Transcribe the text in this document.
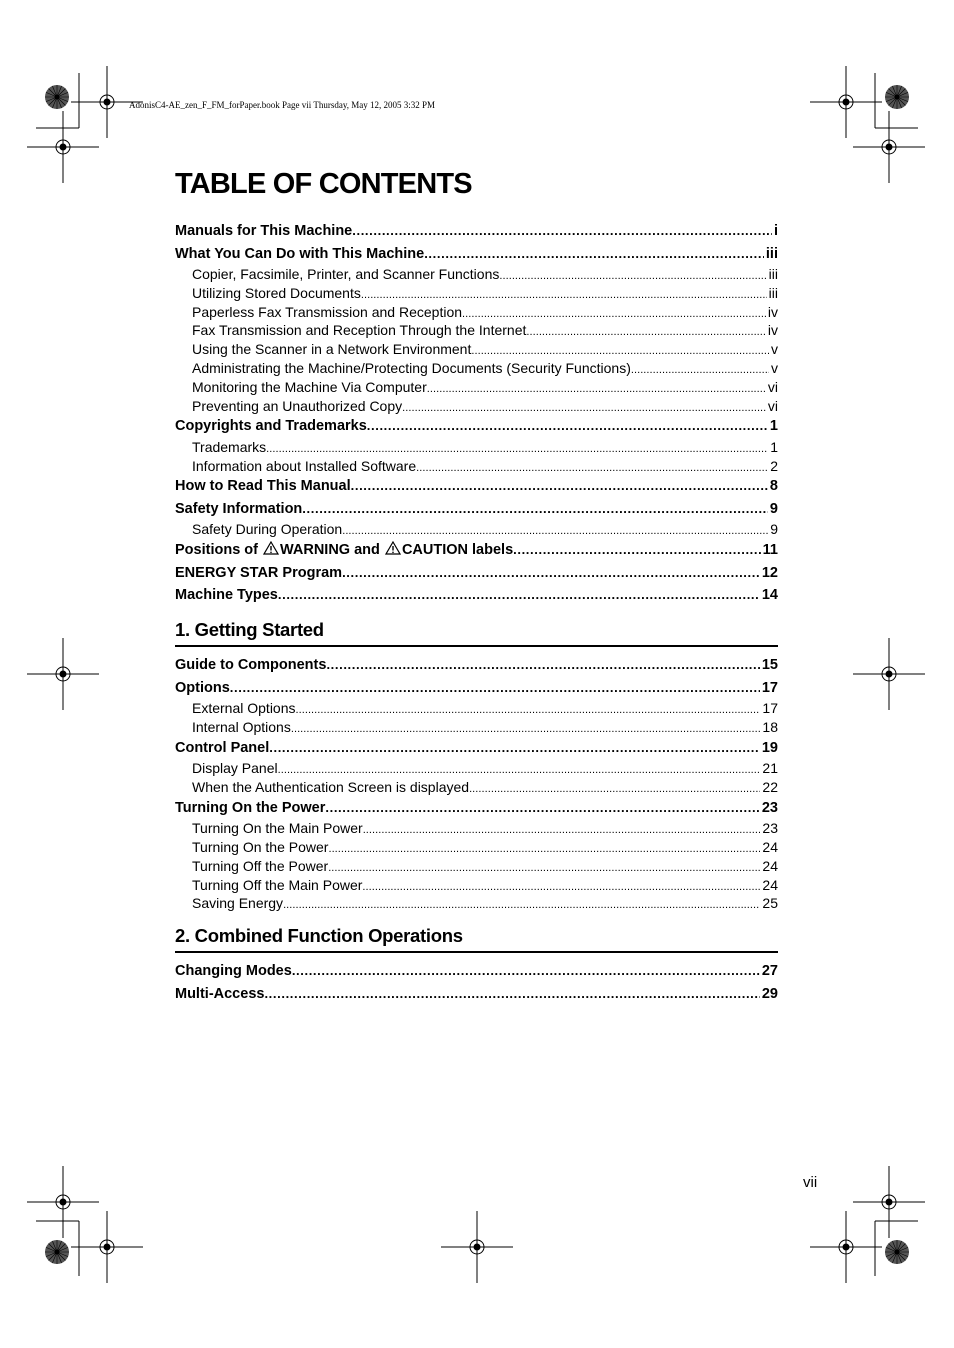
AdonisC4-AE_zen_F_FM_forPaper.book Page vii Thursday, May 12, 2005 3:32 PM
TABLE OF CONTENTS
Manuals for This Machine . . .	i
What You Can Do with This Machine . . .	iii
Copier, Facsimile, Printer, and Scanner Functions . . .	iii
Utilizing Stored Documents . . .	iii
Paperless Fax Transmission and Reception . . .	iv
Fax Transmission and Reception Through the Internet . . .	iv
Using the Scanner in a Network Environment . . .	v
Administrating the Machine/Protecting Documents (Security Functions) . . .	v
Monitoring the Machine Via Computer . . .	vi
Preventing an Unauthorized Copy . . .	vi
Copyrights and Trademarks . . .	1
Trademarks . . .	1
Information about Installed Software . . .	2
How to Read This Manual . . .	8
Safety Information . . .	9
Safety During Operation . . .	9
Positions of WARNING and CAUTION labels . . .	11
ENERGY STAR Program . . .	12
Machine Types . . .	14
1. Getting Started
Guide to Components . . .	15
Options . . .	17
External Options . . .	17
Internal Options . . .	18
Control Panel . . .	19
Display Panel . . .	21
When the Authentication Screen is displayed . . .	22
Turning On the Power . . .	23
Turning On the Main Power . . .	23
Turning On the Power . . .	24
Turning Off the Power . . .	24
Turning Off the Main Power . . .	24
Saving Energy . . .	25
2. Combined Function Operations
Changing Modes . . .	27
Multi-Access . . .	29
vii
